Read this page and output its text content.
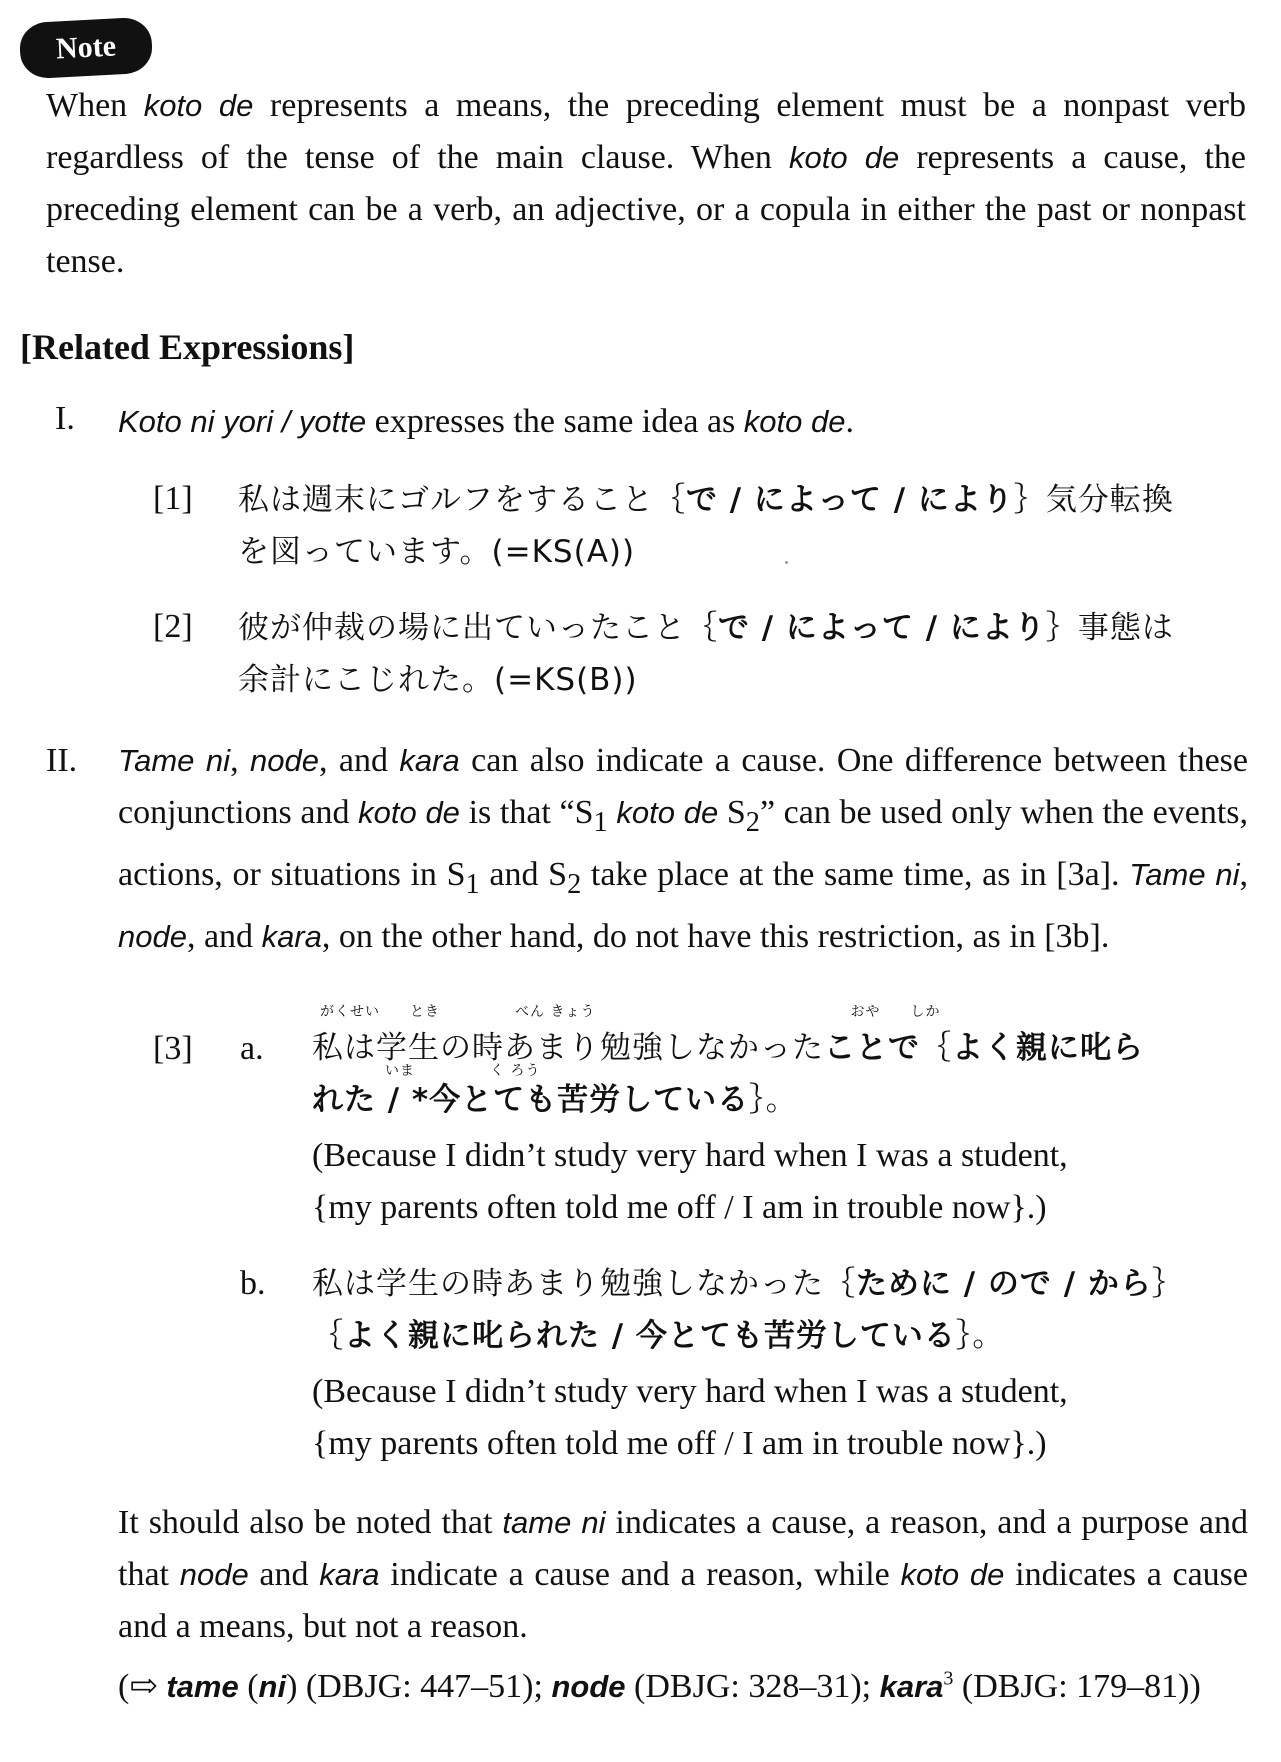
Note
When koto de represents a means, the preceding element must be a nonpast verb regardless of the tense of the main clause. When koto de represents a cause, the preceding element can be a verb, an adjective, or a copula in either the past or nonpast tense.
[Related Expressions]
I. Koto ni yori / yotte expresses the same idea as koto de.
[1] 私は週末にゴルフをすること｛で / によって / により｝気分転換
を図っています。(=KS(A))
[2] 彼が仲裁の場に出ていったこと｛で / によって / により｝事態は
余計にこじれた。(=KS(B))
II. Tame ni, node, and kara can also indicate a cause. One difference between these conjunctions and koto de is that “$S_1$ koto de $S_2$” can be used only when the events, actions, or situations in $S_1$ and $S_2$ take place at the same time, as in [3a]. Tame ni, node, and kara, on the other hand, do not have this restriction, as in [3b].
[3] a.
がくせい　　とき　　　　　べん きょう　　　　　　　　　　　　　　　　　おや　　しか
私は学生の時あまり勉強しなかったことで｛よく親に叱ら
　　　いま　　　　　く ろう
れた / *今とても苦労している｝。
(Because I didn’t study very hard when I was a student,
{my parents often told me off / I am in trouble now}.)
b. 私は学生の時あまり勉強しなかった｛ために / ので / から｝
｛よく親に叱られた / 今とても苦労している｝。
(Because I didn’t study very hard when I was a student,
{my parents often told me off / I am in trouble now}.)
It should also be noted that tame ni indicates a cause, a reason, and a purpose and that node and kara indicate a cause and a reason, while koto de indicates a cause and a means, but not a reason.
(⇨ tame (ni) (DBJG: 447–51); node (DBJG: 328–31); kara$^3$ (DBJG: 179–81))
